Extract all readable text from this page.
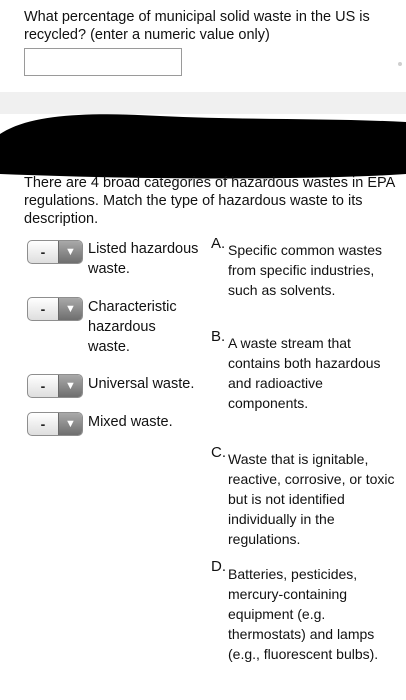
What percentage of municipal solid waste in the US is recycled? (enter a numeric value only)
There are 4 broad categories of hazardous wastes in EPA regulations. Match the type of hazardous waste to its description.
-	▼ Listed hazardous waste.
-	▼ Characteristic hazardous waste.
-	▼ Universal waste.
-	▼ Mixed waste.
A. Specific common wastes from specific industries, such as solvents.
B. A waste stream that contains both hazardous and radioactive components.
C. Waste that is ignitable, reactive, corrosive, or toxic but is not identified individually in the regulations.
D. Batteries, pesticides, mercury-containing equipment (e.g. thermostats) and lamps (e.g., fluorescent bulbs).
